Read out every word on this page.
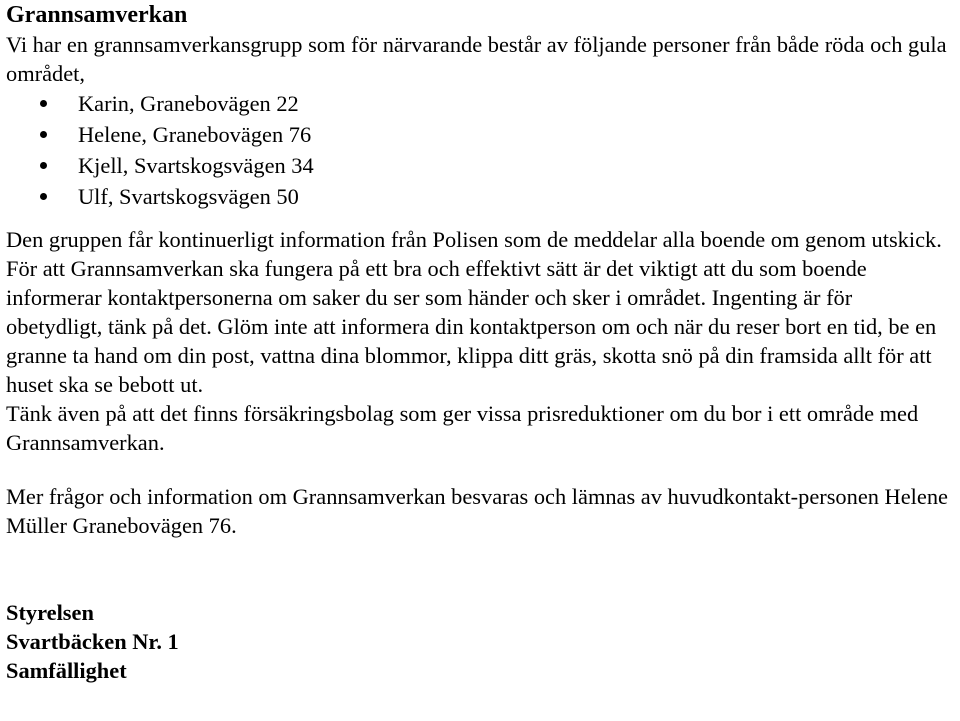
Grannsamverkan

Vi har en grannsamverkansgrupp som för närvarande består av följande personer från både röda och gula området,

Karin, Granebovägen 22
Helene, Granebovägen 76
Kjell, Svartskogsvägen 34
Ulf, Svartskogsvägen 50

Den gruppen får kontinuerligt information från Polisen som de meddelar alla boende om genom utskick. För att Grannsamverkan ska fungera på ett bra och effektivt sätt är det viktigt att du som boende informerar kontaktpersonerna om saker du ser som händer och sker i området. Ingenting är för obetydligt, tänk på det. Glöm inte att informera din kontaktperson om och när du reser bort en tid, be en granne ta hand om din post, vattna dina blommor, klippa ditt gräs, skotta snö på din framsida allt för att huset ska se bebott ut.

Tänk även på att det finns försäkringsbolag som ger vissa prisreduktioner om du bor i ett område med Grannsamverkan.

Mer frågor och information om Grannsamverkan besvaras och lämnas av huvudkontakt-personen Helene Müller Granebovägen 76.

Styrelsen
Svartbäcken Nr. 1
Samfällighet
